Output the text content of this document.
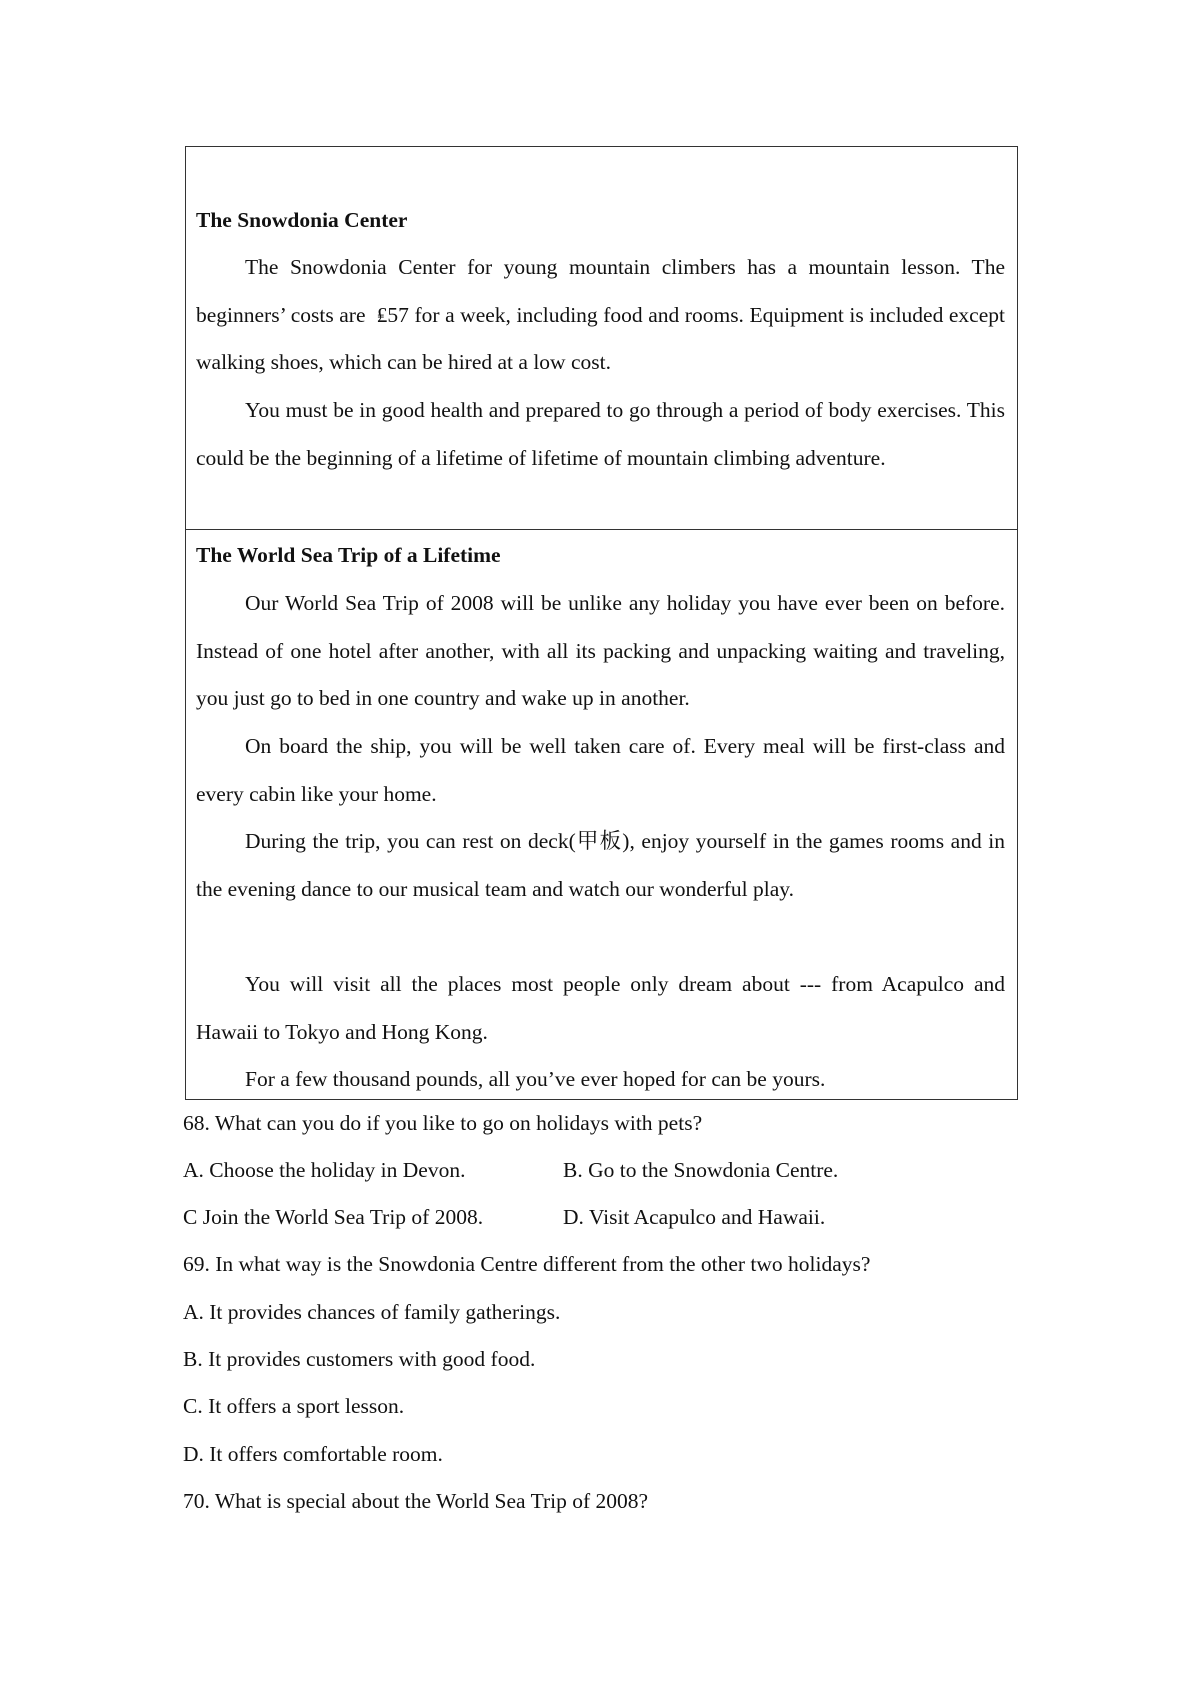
The Snowdonia Center

The Snowdonia Center for young mountain climbers has a mountain lesson. The beginners’ costs are  ₤57 for a week, including food and rooms. Equipment is included except walking shoes, which can be hired at a low cost.

You must be in good health and prepared to go through a period of body exercises. This could be the beginning of a lifetime of lifetime of mountain climbing adventure.

The World Sea Trip of a Lifetime

Our World Sea Trip of 2008 will be unlike any holiday you have ever been on before. Instead of one hotel after another, with all its packing and unpacking waiting and traveling, you just go to bed in one country and wake up in another.

On board the ship, you will be well taken care of. Every meal will be first-class and every cabin like your home.

During the trip, you can rest on deck(甲板), enjoy yourself in the games rooms and in the evening dance to our musical team and watch our wonderful play.

You will visit all the places most people only dream about --- from Acapulco and Hawaii to Tokyo and Hong Kong.

For a few thousand pounds, all you’ve ever hoped for can be yours.

68. What can you do if you like to go on holidays with pets?

A. Choose the holiday in Devon.	B. Go to the Snowdonia Centre.

C Join the World Sea Trip of 2008.	D. Visit Acapulco and Hawaii.

69. In what way is the Snowdonia Centre different from the other two holidays?

A. It provides chances of family gatherings.

B. It provides customers with good food.

C. It offers a sport lesson.

D. It offers comfortable room.

70. What is special about the World Sea Trip of 2008?
